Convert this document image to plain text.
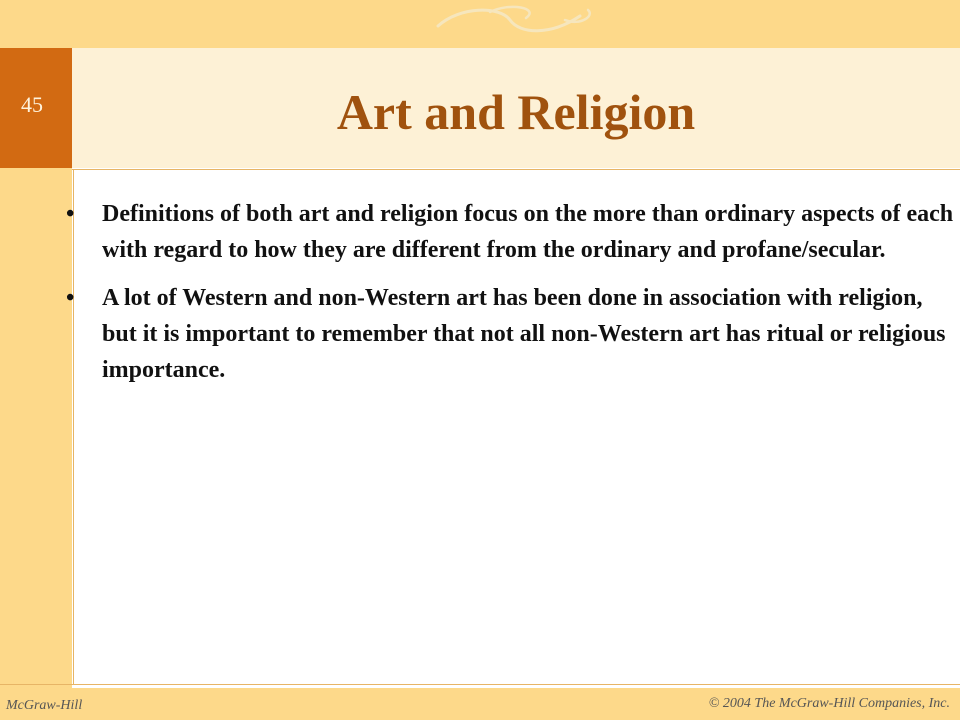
45	Art and Religion
•	Definitions of both art and religion focus on the more than ordinary aspects of each with regard to how they are different from the ordinary and profane/secular.
•	A lot of Western and non-Western art has been done in association with religion, but it is important to remember that not all non-Western art has ritual or religious importance.
McGraw-Hill	© 2004 The McGraw-Hill Companies, Inc.
